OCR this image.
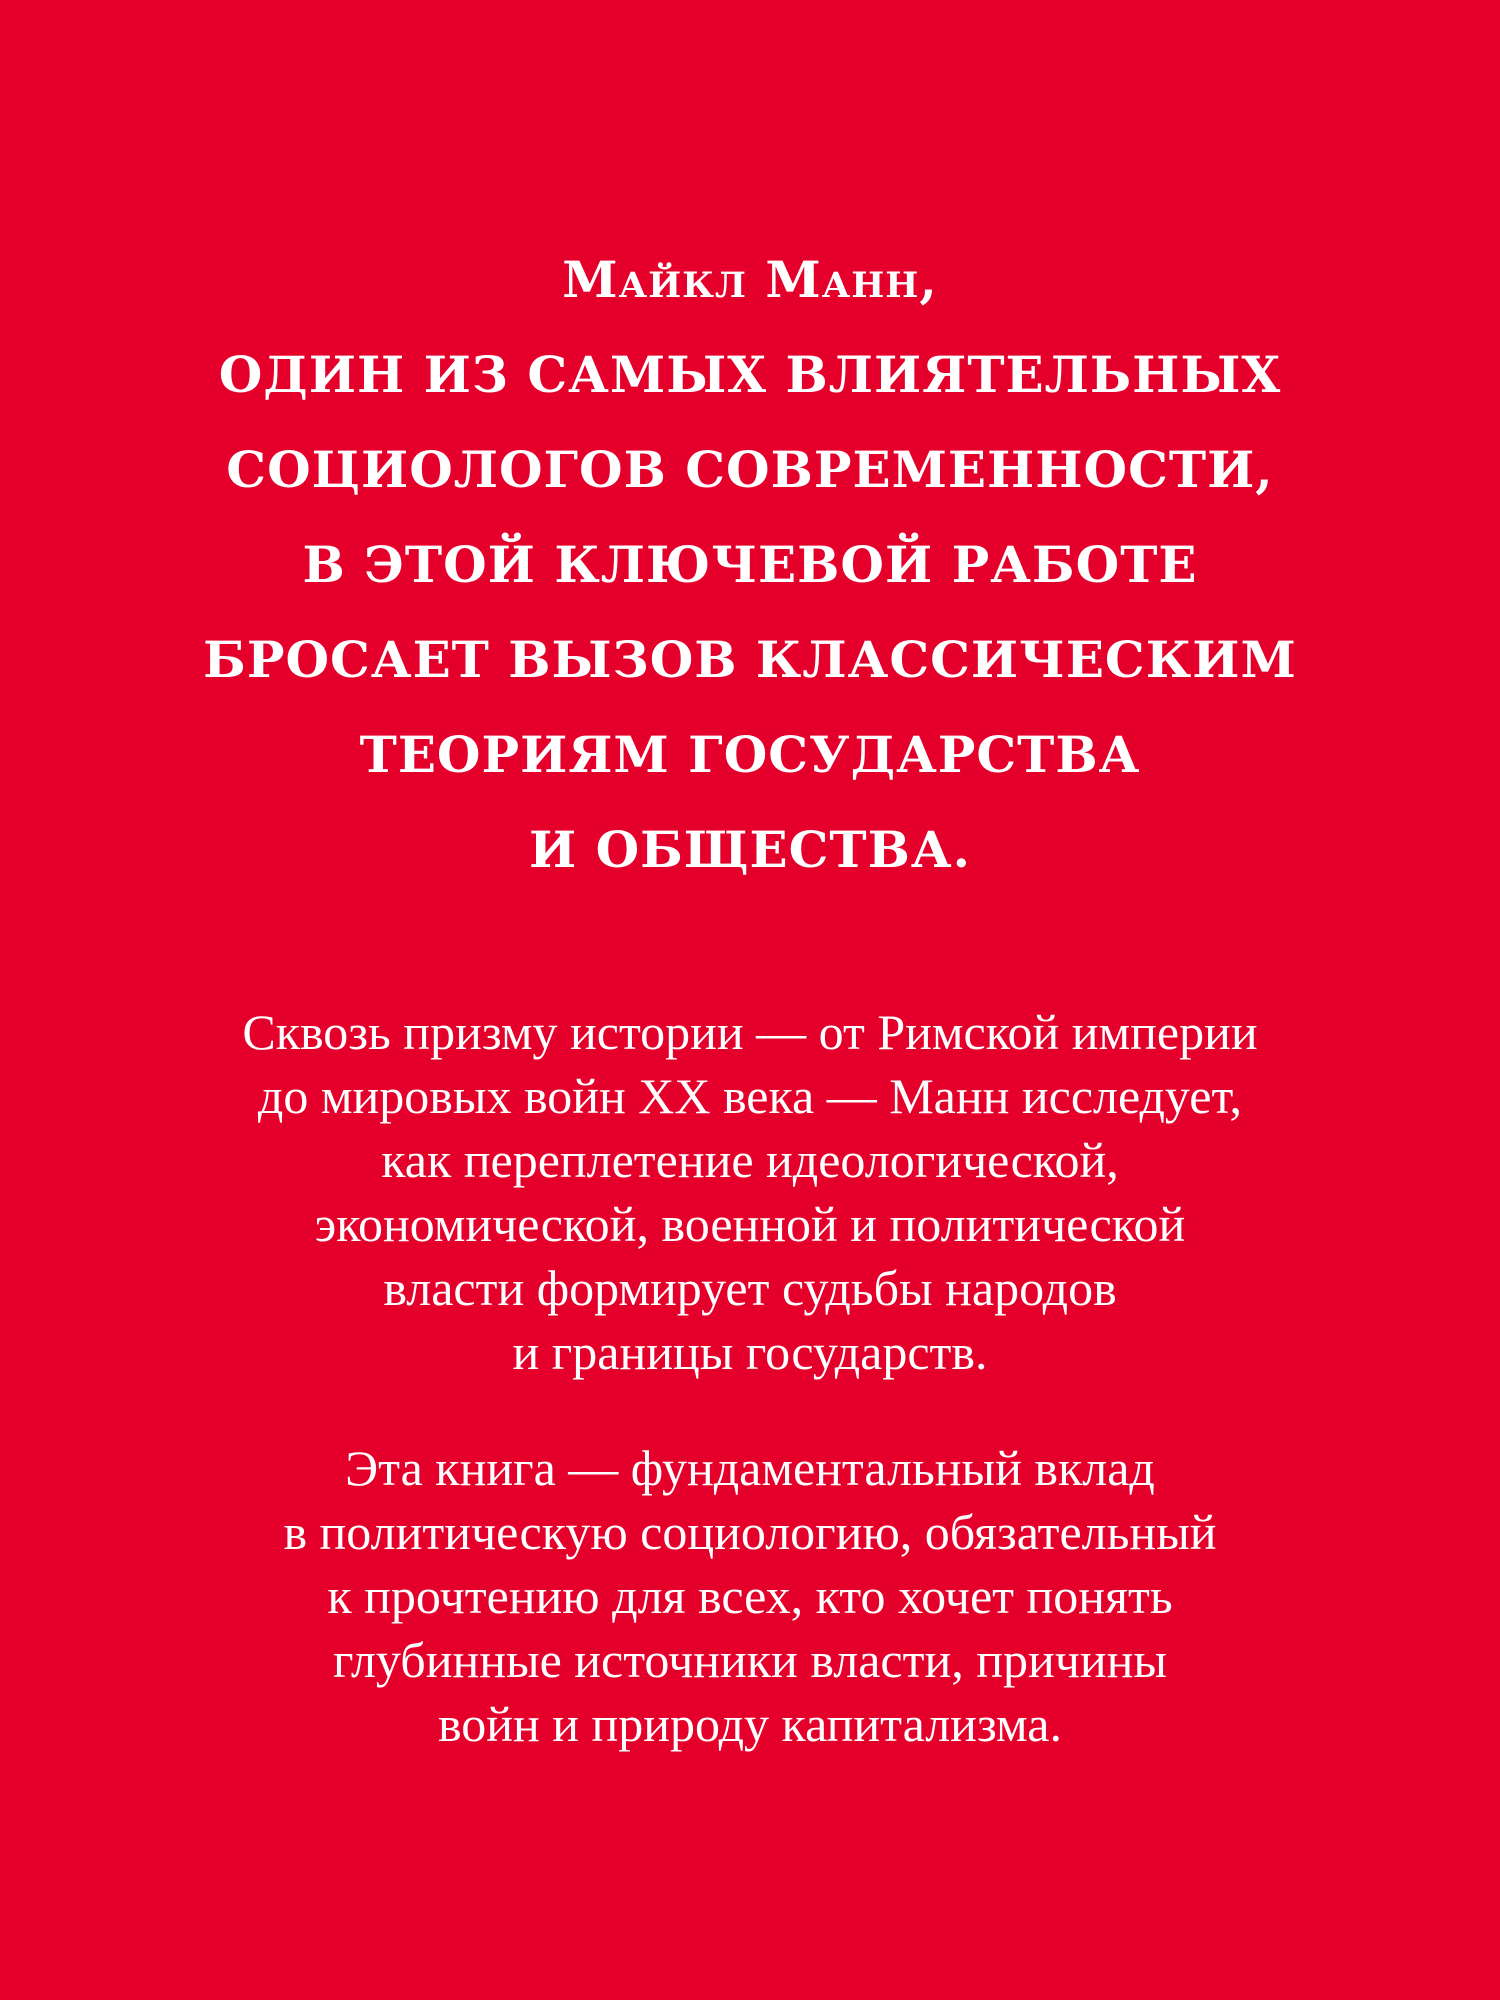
Майкл Манн,
ОДИН ИЗ САМЫХ ВЛИЯТЕЛЬНЫХ
СОЦИОЛОГОВ СОВРЕМЕННОСТИ,
В ЭТОЙ КЛЮЧЕВОЙ РАБОТЕ
БРОСАЕТ ВЫЗОВ КЛАССИЧЕСКИМ
ТЕОРИЯМ ГОСУДАРСТВА
И ОБЩЕСТВА.

Сквозь призму истории — от Римской империи
до мировых войн XX века — Манн исследует,
как переплетение идеологической,
экономической, военной и политической
власти формирует судьбы народов
и границы государств.

Эта книга — фундаментальный вклад
в политическую социологию, обязательный
к прочтению для всех, кто хочет понять
глубинные источники власти, причины
войн и природу капитализма.
